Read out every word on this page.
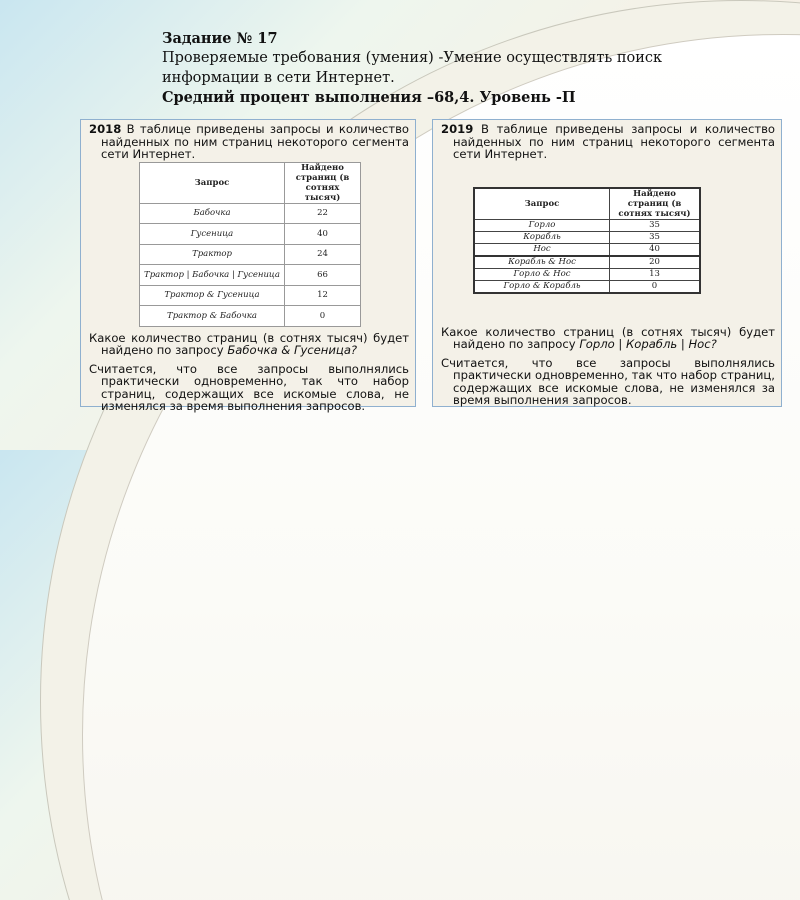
Задание № 17
Проверяемые требования (умения) -Умение осуществлять поиск
информации в сети Интернет.
Средний процент выполнения –68,4. Уровень -П
2018 В таблице приведены запросы и количество найденных по ним страниц некоторого сегмента сети Интернет.
Запрос	Найдено страниц (в сотнях тысяч)
Бабочка	22
Гусеница	40
Трактор	24
Трактор | Бабочка | Гусеница	66
Трактор & Гусеница	12
Трактор & Бабочка	0
Какое количество страниц (в сотнях тысяч) будет найдено по запросу Бабочка & Гусеница?
Считается, что все запросы выполнялись практически одновременно, так что набор страниц, содержащих все искомые слова, не изменялся за время выполнения запросов.
2019 В таблице приведены запросы и количество найденных по ним страниц некоторого сегмента сети Интернет.
Запрос	Найдено страниц (в сотнях тысяч)
Горло	35
Корабль	35
Нос	40
Корабль & Нос	20
Горло & Нос	13
Горло & Корабль	0
Какое количество страниц (в сотнях тысяч) будет найдено по запросу Горло | Корабль | Нос?
Считается, что все запросы выполнялись практически одновременно, так что набор страниц, содержащих все искомые слова, не изменялся за время выполнения запросов.
